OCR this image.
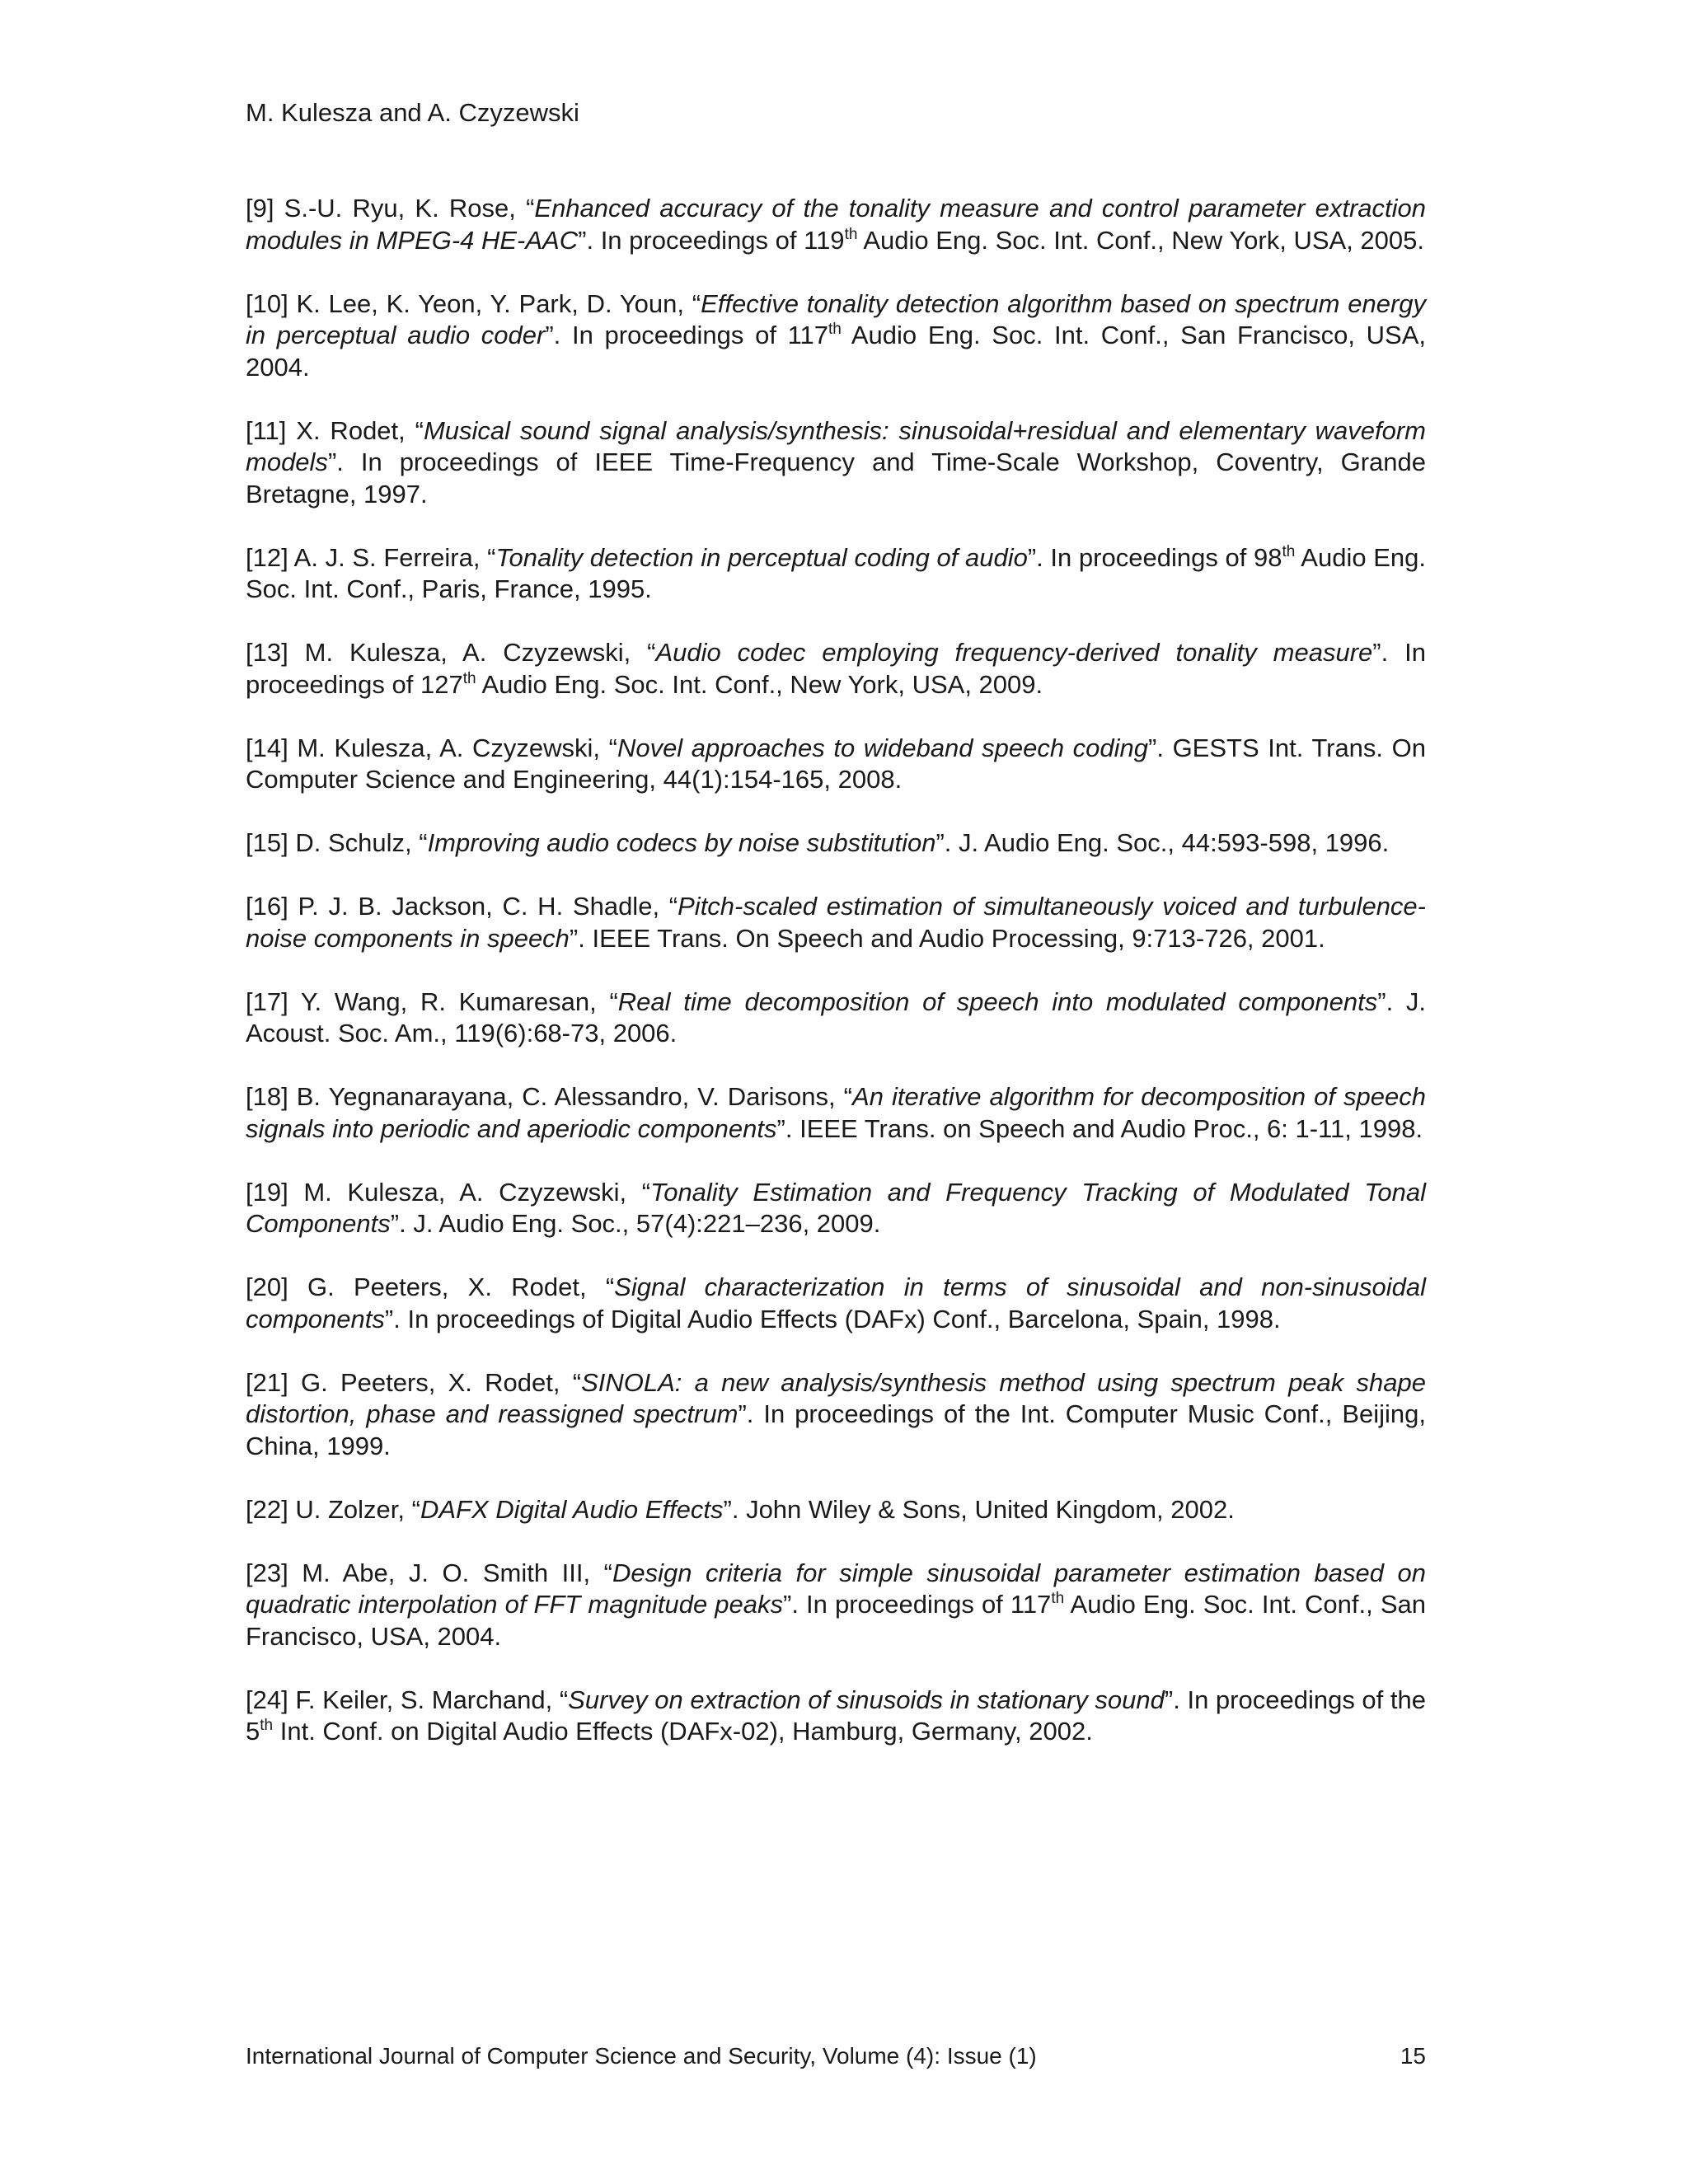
M. Kulesza and A. Czyzewski
[9] S.-U. Ryu, K. Rose, “Enhanced accuracy of the tonality measure and control parameter extraction modules in MPEG-4 HE-AAC”. In proceedings of 119th Audio Eng. Soc. Int. Conf., New York, USA, 2005.
[10] K. Lee, K. Yeon, Y. Park, D. Youn, “Effective tonality detection algorithm based on spectrum energy in perceptual audio coder”. In proceedings of 117th Audio Eng. Soc. Int. Conf., San Francisco, USA, 2004.
[11] X. Rodet, “Musical sound signal analysis/synthesis: sinusoidal+residual and elementary waveform models”. In proceedings of IEEE Time-Frequency and Time-Scale Workshop, Coventry, Grande Bretagne, 1997.
[12] A. J. S. Ferreira, “Tonality detection in perceptual coding of audio”. In proceedings of 98th Audio Eng. Soc. Int. Conf., Paris, France, 1995.
[13] M. Kulesza, A. Czyzewski, “Audio codec employing frequency-derived tonality measure”. In proceedings of 127th Audio Eng. Soc. Int. Conf., New York, USA, 2009.
[14] M. Kulesza, A. Czyzewski, “Novel approaches to wideband speech coding”. GESTS Int. Trans. On Computer Science and Engineering, 44(1):154-165, 2008.
[15] D. Schulz, “Improving audio codecs by noise substitution”. J. Audio Eng. Soc., 44:593-598, 1996.
[16] P. J. B. Jackson, C. H. Shadle, “Pitch-scaled estimation of simultaneously voiced and turbulence-noise components in speech”. IEEE Trans. On Speech and Audio Processing, 9:713-726, 2001.
[17] Y. Wang, R. Kumaresan, “Real time decomposition of speech into modulated components”. J. Acoust. Soc. Am., 119(6):68-73, 2006.
[18] B. Yegnanarayana, C. Alessandro, V. Darisons, “An iterative algorithm for decomposition of speech signals into periodic and aperiodic components”. IEEE Trans. on Speech and Audio Proc., 6: 1-11, 1998.
[19] M. Kulesza, A. Czyzewski, “Tonality Estimation and Frequency Tracking of Modulated Tonal Components”. J. Audio Eng. Soc., 57(4):221–236, 2009.
[20] G. Peeters, X. Rodet, “Signal characterization in terms of sinusoidal and non-sinusoidal components”. In proceedings of Digital Audio Effects (DAFx) Conf., Barcelona, Spain, 1998.
[21] G. Peeters, X. Rodet, “SINOLA: a new analysis/synthesis method using spectrum peak shape distortion, phase and reassigned spectrum”. In proceedings of the Int. Computer Music Conf., Beijing, China, 1999.
[22] U. Zolzer, “DAFX Digital Audio Effects”. John Wiley & Sons, United Kingdom, 2002.
[23] M. Abe, J. O. Smith III, “Design criteria for simple sinusoidal parameter estimation based on quadratic interpolation of FFT magnitude peaks”. In proceedings of 117th Audio Eng. Soc. Int. Conf., San Francisco, USA, 2004.
[24] F. Keiler, S. Marchand, “Survey on extraction of sinusoids in stationary sound”. In proceedings of the 5th Int. Conf. on Digital Audio Effects (DAFx-02), Hamburg, Germany, 2002.
International Journal of Computer Science and Security, Volume (4): Issue (1)	15
